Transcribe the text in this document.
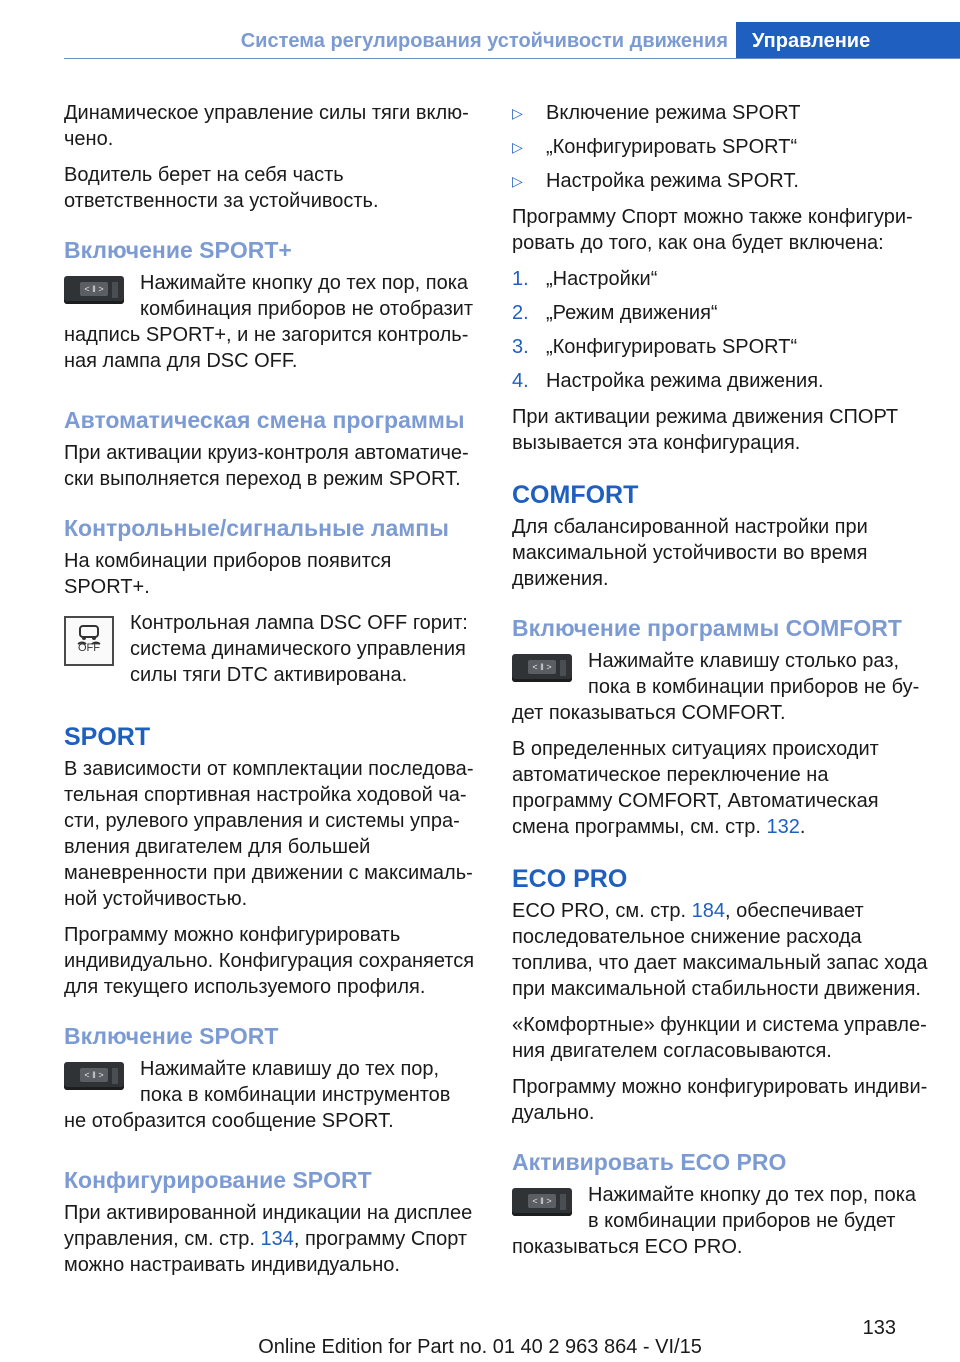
Система регулирования устойчивости движения Управление

Динамическое управление силы тяги включено.

Водитель берет на себя часть ответственности за устойчивость.

Включение SPORT+
< ‖ >	Нажимайте кнопку до тех пор, пока комбинация приборов не отобразит надпись SPORT+, и не загорится контрольная лампа для DSC OFF.

Автоматическая смена программы

При активации круиз-контроля автоматически выполняется переход в режим SPORT.

Контрольные/сигнальные лампы

На комбинации приборов появится SPORT+.

OFF

Контрольная лампа DSC OFF горит: система динамического управления силы тяги DTC активирована.

SPORT

В зависимости от комплектации последовательная спортивная настройка ходовой части, рулевого управления и системы управления двигателем для большей маневренности при движении с максимальной устойчивостью.

Программу можно конфигурировать индивидуально. Конфигурация сохраняется для текущего используемого профиля.

Включение SPORT
< ‖ >	Нажимайте клавишу до тех пор, пока в комбинации инструментов не отобразится сообщение SPORT.

Конфигурирование SPORT

При активированной индикации на дисплее управления, см. стр. 134, программу Спорт можно настраивать индивидуально.

▷ Включение режима SPORT
▷ „Конфигурировать SPORT“
▷ Настройка режима SPORT.

Программу Спорт можно также конфигурировать до того, как она будет включена:

1. „Настройки“
2. „Режим движения“
3. „Конфигурировать SPORT“
4. Настройка режима движения.

При активации режима движения СПОРТ вызывается эта конфигурация.

COMFORT

Для сбалансированной настройки при максимальной устойчивости во время движения.

Включение программы COMFORT
< ‖ >	Нажимайте клавишу столько раз, пока в комбинации приборов не будет показываться COMFORT.

В определенных ситуациях происходит автоматическое переключение на программу COMFORT, Автоматическая смена программы, см. стр. 132.

ECO PRO

ECO PRO, см. стр. 184, обеспечивает последовательное снижение расхода топлива, что дает максимальный запас хода при максимальной стабильности движения.

«Комфортные» функции и система управления двигателем согласовываются.

Программу можно конфигурировать индивидуально.

Активировать ECO PRO
< ‖ >	Нажимайте кнопку до тех пор, пока в комбинации приборов не будет показываться ECO PRO.

133
Online Edition for Part no. 01 40 2 963 864 - VI/15
